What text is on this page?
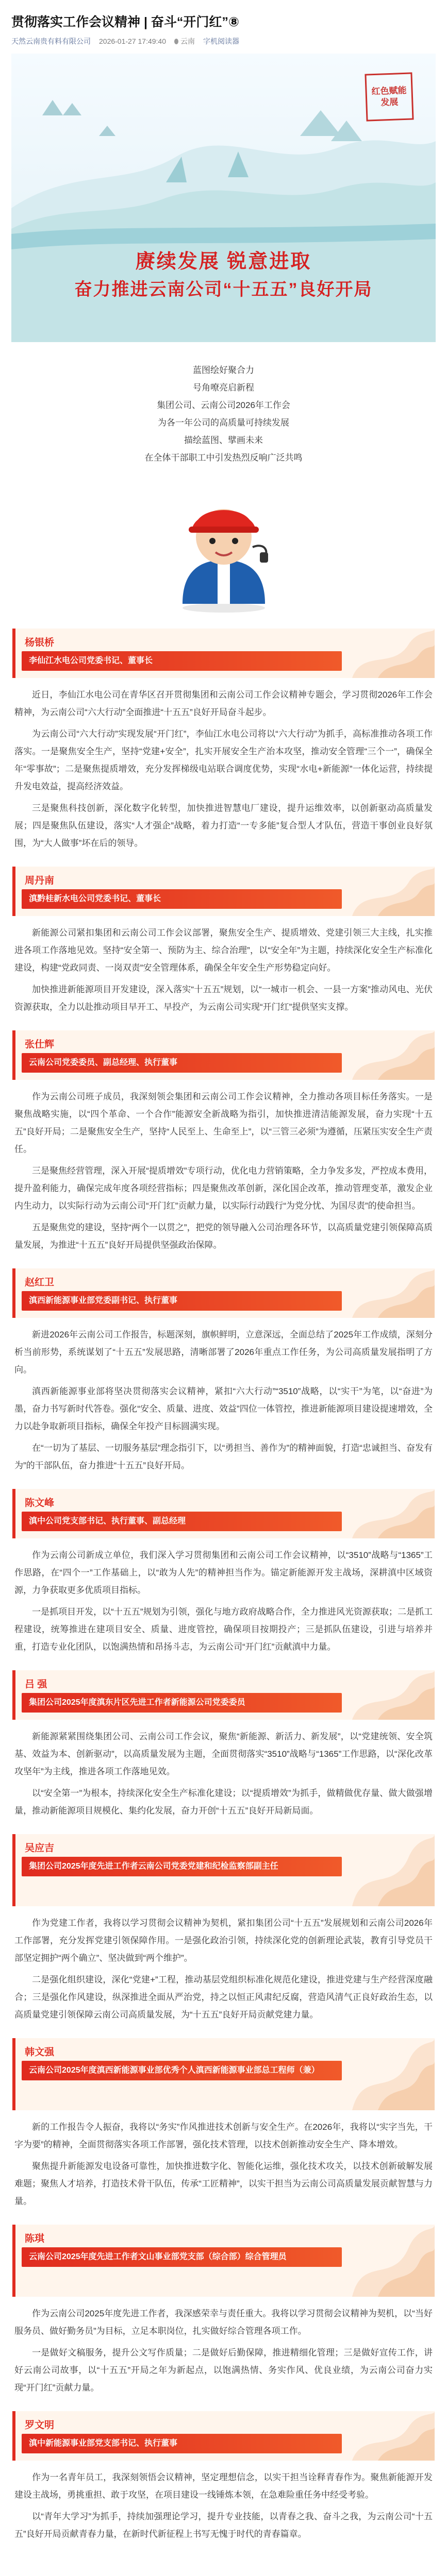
贯彻落实工作会议精神 | 奋斗“开门红”⑧
天然云南贵有料有限公司 2026-01-27 17:49:40 云南 字机阅读器
红色赋能发展
赓续发展 锐意进取
奋力推进云南公司“十五五”良好开局

蓝图绘好聚合力

号角嘹亮启新程

集团公司、云南公司2026年工作会

为各一年公司的高质量可持续发展

描绘蓝图、擘画未来

在全体干部职工中引发热烈反响广泛共鸣

杨银桥
李仙江水电公司党委书记、董事长

近日，李仙江水电公司在青华区召开贯彻集团和云南公司工作会议精神专题会，学习贯彻2026年工作会精神，为云南公司“六大行动”全面推进“十五五”良好开局奋斗起步。

为云南公司“六大行动”实现发展“开门红”，李仙江水电公司将以“六大行动”为抓手，高标准推动各项工作落实。一是聚焦安全生产，坚持“党建+安全”，扎实开展安全生产治本攻坚，推动安全管理“三个一”，确保全年“零事故”；二是聚焦提质增效，充分发挥梯级电站联合调度优势，实现“水电+新能源”一体化运营，持续提升发电效益，提高经济效益。

三是聚焦科技创新，深化数字化转型，加快推进智慧电厂建设，提升运维效率，以创新驱动高质量发展；四是聚焦队伍建设，落实“人才强企”战略，着力打造“一专多能”复合型人才队伍，营造干事创业良好氛围，为“大人做事”坏在后的领导。

周丹南
滇黔桂新水电公司党委书记、董事长

新能源公司紧扣集团和云南公司工作会议部署，聚焦安全生产、提质增效、党建引领三大主线，扎实推进各项工作落地见效。坚持“安全第一、预防为主、综合治理”，以“安全年”为主题，持续深化安全生产标准化建设，构建“党政同责、一岗双责”安全管理体系，确保全年安全生产形势稳定向好。

加快推进新能源项目开发建设，深入落实“十五五”规划，以“一城市一机会、一县一方案”推动风电、光伏资源获取，全力以赴推动项目早开工、早投产，为云南公司实现“开门红”提供坚实支撑。

张仕辉
云南公司党委委员、副总经理、执行董事

作为云南公司班子成员，我深刻领会集团和云南公司工作会议精神，全力推动各项目标任务落实。一是聚焦战略实施，以“四个革命、一个合作”能源安全新战略为指引，加快推进清洁能源发展，奋力实现“十五五”良好开局；二是聚焦安全生产，坚持“人民至上、生命至上”，以“三管三必须”为遵循，压紧压实安全生产责任。

三是聚焦经营管理，深入开展“提质增效”专项行动，优化电力营销策略，全力争发多发，严控成本费用，提升盈利能力，确保完成年度各项经营指标；四是聚焦改革创新，深化国企改革，推动管理变革，激发企业内生动力，以实际行动为云南公司“开门红”贡献力量，以实际行动践行“为党分忧、为国尽责”的使命担当。

五是聚焦党的建设，坚持“两个一以贯之”，把党的领导融入公司治理各环节，以高质量党建引领保障高质量发展，为推进“十五五”良好开局提供坚强政治保障。

赵红卫
滇西新能源事业部党委副书记、执行董事

新进2026年云南公司工作报告，标题深刻，旗帜鲜明，立意深远，全面总结了2025年工作成绩，深刻分析当前形势，系统谋划了“十五五”发展思路，清晰部署了2026年重点工作任务，为公司高质量发展指明了方向。

滇西新能源事业部将坚决贯彻落实会议精神，紧扣“六大行动”“3510”战略，以“实干”为笔，以“奋进”为墨，奋力书写新时代答卷。强化“安全、质量、进度、效益”四位一体管控，推进新能源项目建设提速增效，全力以赴争取新项目指标，确保全年投产目标圆满实现。

在“一切为了基层、一切服务基层”理念指引下，以“勇担当、善作为”的精神面貌，打造“忠诚担当、奋发有为”的干部队伍，奋力推进“十五五”良好开局。

陈文峰
滇中公司党支部书记、执行董事、副总经理

作为云南公司新成立单位，我们深入学习贯彻集团和云南公司工作会议精神，以“3510”战略与“1365”工作思路，在“四个一”工作基础上，以“敢为人先”的精神担当作为。锚定新能源开发主战场，深耕滇中区域资源，力争获取更多优质项目指标。

一是抓项目开发，以“十五五”规划为引领，强化与地方政府战略合作，全力推进风光资源获取；二是抓工程建设，统筹推进在建项目安全、质量、进度管控，确保项目按期投产；三是抓队伍建设，引进与培养并重，打造专业化团队，以饱满热情和昂扬斗志，为云南公司“开门红”贡献滇中力量。

吕 强
集团公司2025年度滇东片区先进工作者新能源公司党委委员

新能源紧紧围绕集团公司、云南公司工作会议，聚焦“新能源、新活力、新发展”，以“党建统领、安全筑基、效益为本、创新驱动”，以高质量发展为主题，全面贯彻落实“3510”战略与“1365”工作思路，以“深化改革攻坚年”为主线，推进各项工作落地见效。

以“安全第一”为根本，持续深化安全生产标准化建设；以“提质增效”为抓手，做精做优存量、做大做强增量，推动新能源项目规模化、集约化发展，奋力开创“十五五”良好开局新局面。

吴应吉
集团公司2025年度先进工作者云南公司党委党建和纪检监察部副主任

作为党建工作者，我将以学习贯彻会议精神为契机，紧扣集团公司“十五五”发展规划和云南公司2026年工作部署，充分发挥党建引领保障作用。一是强化政治引领，持续深化党的创新理论武装，教育引导党员干部坚定拥护“两个确立”、坚决做到“两个维护”。

二是强化组织建设，深化“党建+”工程，推动基层党组织标准化规范化建设，推进党建与生产经营深度融合；三是强化作风建设，纵深推进全面从严治党，持之以恒正风肃纪反腐，营造风清气正良好政治生态，以高质量党建引领保障云南公司高质量发展，为“十五五”良好开局贡献党建力量。

韩文强
云南公司2025年度滇西新能源事业部优秀个人滇西新能源事业部总工程师（兼）

新的工作报告令人振奋，我将以“务实”作风推进技术创新与安全生产。在2026年，我将以“实字当先，干字为要”的精神，全面贯彻落实各项工作部署，强化技术管理，以技术创新推动安全生产、降本增效。

聚焦提升新能源发电设备可靠性，加快推进数字化、智能化运维，强化技术攻关，以技术创新破解发展难题；聚焦人才培养，打造技术骨干队伍，传承“工匠精神”，以实干担当为云南公司高质量发展贡献智慧与力量。

陈琪
云南公司2025年度先进工作者文山事业部党支部（综合部）综合管理员

作为云南公司2025年度先进工作者，我深感荣幸与责任重大。我将以学习贯彻会议精神为契机，以“当好服务员、做好勤务员”为目标，立足本职岗位，扎实做好综合管理各项工作。

一是做好文稿服务，提升公文写作质量；二是做好后勤保障，推进精细化管理；三是做好宣传工作，讲好云南公司故事，以“十五五”开局之年为新起点，以饱满热情、务实作风、优良业绩，为云南公司奋力实现“开门红”贡献力量。

罗文明
滇中新能源事业部党支部书记、执行董事

作为一名青年员工，我深刻领悟会议精神，坚定理想信念，以实干担当诠释青春作为。聚焦新能源开发建设主战场，勇挑重担、敢于攻坚，在项目建设一线锤炼本领，在急难险重任务中经受考验。

以“青年大学习”为抓手，持续加强理论学习，提升专业技能，以青春之我、奋斗之我，为云南公司“十五五”良好开局贡献青春力量，在新时代新征程上书写无愧于时代的青春篇章。
